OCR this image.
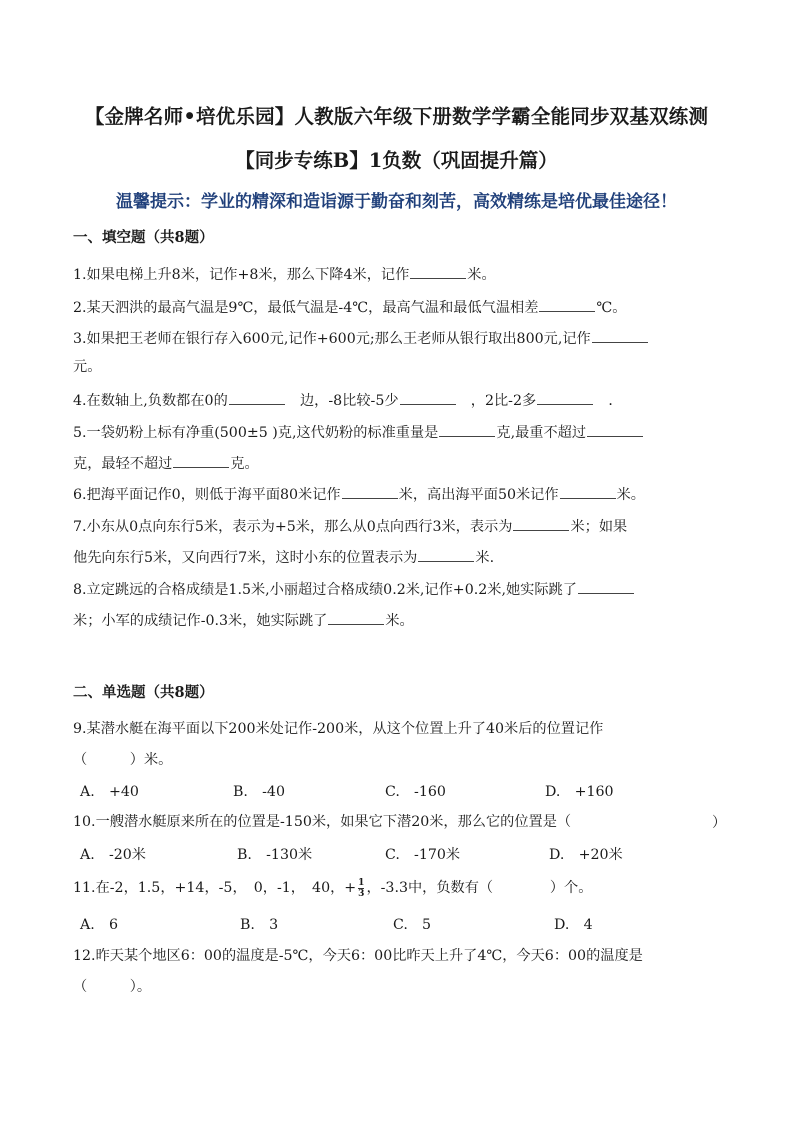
【金牌名师•培优乐园】人教版六年级下册数学学霸全能同步双基双练测
【同步专练B】1负数（巩固提升篇）
温馨提示：学业的精深和造诣源于勤奋和刻苦，高效精练是培优最佳途径！
一、填空题（共8题）
1.如果电梯上升8米，记作+8米，那么下降4米，记作	米。
2.某天泗洪的最高气温是9℃，最低气温是-4℃，最高气温和最低气温相差	℃。
3.如果把王老师在银行存入600元,记作+600元;那么王老师从银行取出800元,记作
元。
4.在数轴上,负数都在0的　	边，-8比较-5少　	，2比-2多　	．
5.一袋奶粉上标有净重(500±5 )克,这代奶粉的标准重量是	克,最重不超过
克，最轻不超过	克。
6.把海平面记作0，则低于海平面80米记作	米，高出海平面50米记作	米。
7.小东从0点向东行5米，表示为+5米，那么从0点向西行3米，表示为	米；如果
他先向东行5米，又向西行7米，这时小东的位置表示为	米.
8.立定跳远的合格成绩是1.5米,小丽超过合格成绩0.2米,记作+0.2米,她实际跳了
米；小军的成绩记作-0.3米，她实际跳了	米。
二、单选题（共8题）
9.某潜水艇在海平面以下200米处记作-200米，从这个位置上升了40米后的位置记作
（　　　）米。
A.　+40	B.　-40	C.　-160	D.　+160
10.一艘潜水艇原来所在的位置是-150米，如果它下潜20米，那么它的位置是（	）
A.　-20米	B.　-130米	C.　-170米	D.　+20米
11.在-2，1.5，+14，-5，　0，-1，　40，+ $\frac{1}{3}$ ，-3.3中，负数有（　　　　）个。
A.　6	B.　3	C.　5	D.　4
12.昨天某个地区6：00的温度是-5℃，今天6：00比昨天上升了4℃，今天6：00的温度是
（　　　）。
